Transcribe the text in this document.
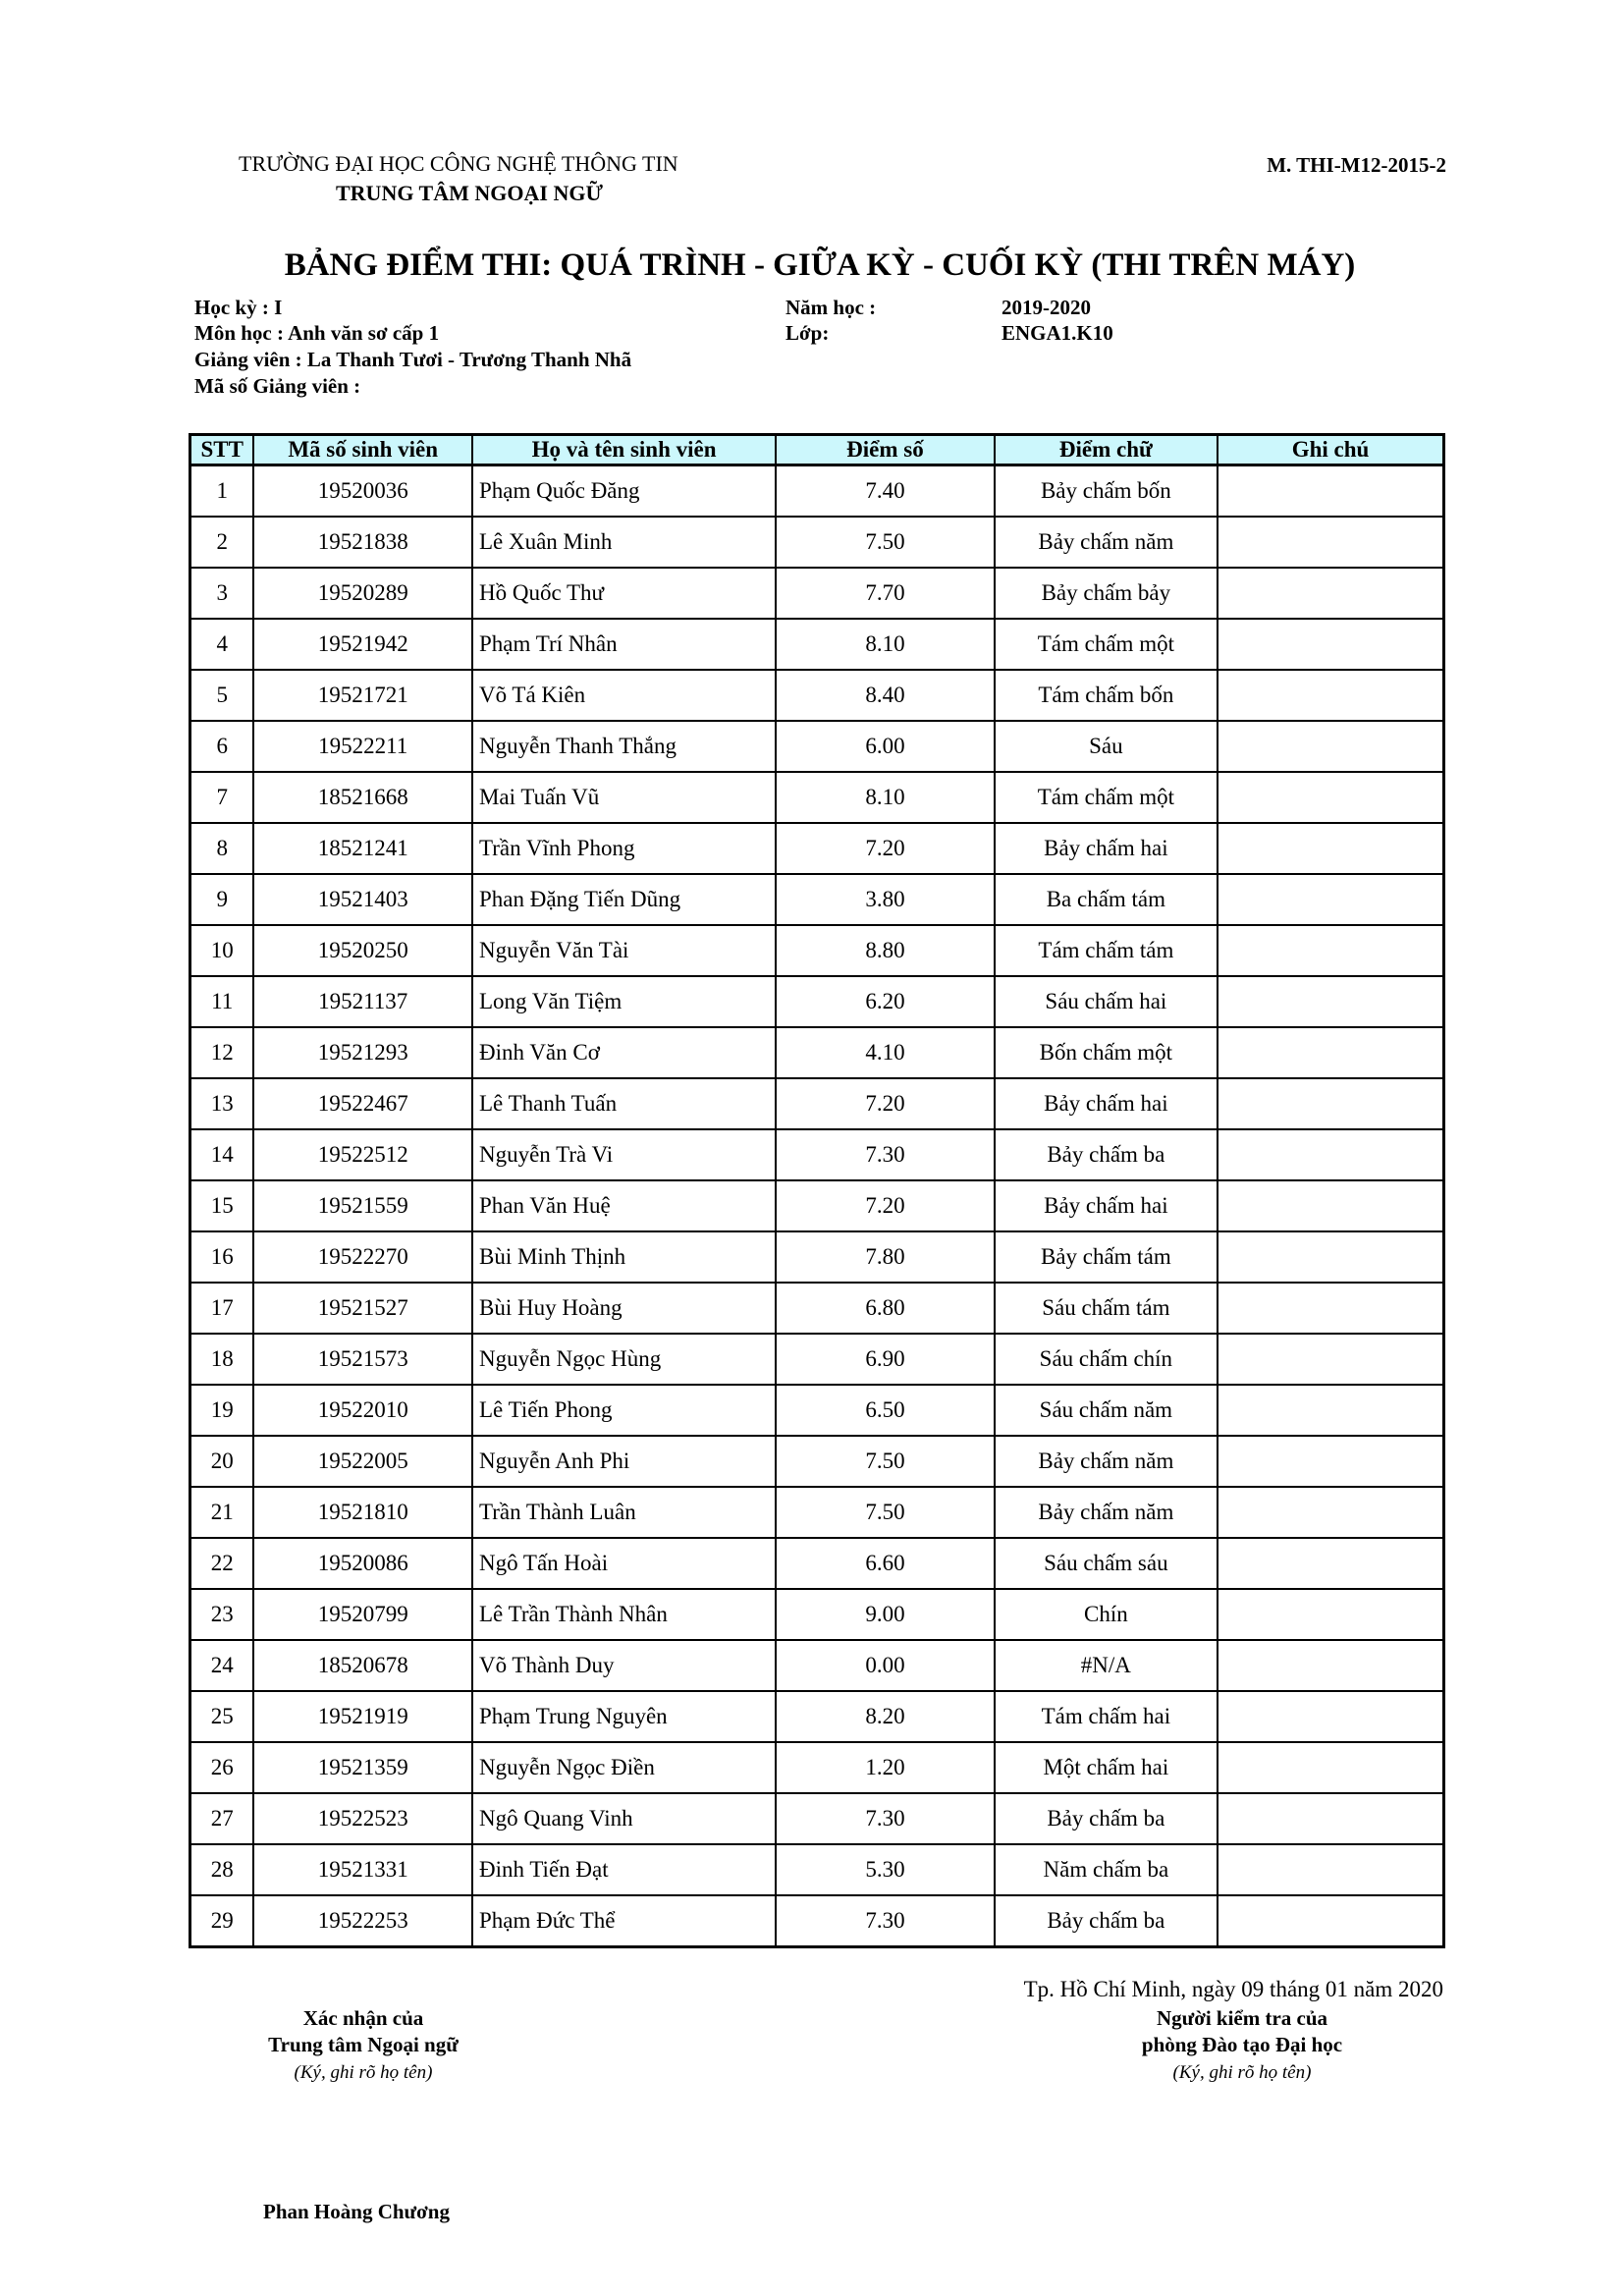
TRƯỜNG ĐẠI HỌC CÔNG NGHỆ THÔNG TIN
TRUNG TÂM NGOẠI NGỮ
M. THI-M12-2015-2
BẢNG ĐIỂM THI: QUÁ TRÌNH - GIỮA KỲ - CUỐI KỲ (THI TRÊN MÁY)
Học kỳ : I
Môn học : Anh văn sơ cấp 1
Giảng viên : La Thanh Tươi - Trương Thanh Nhã
Mã số Giảng viên :
Năm học :	2019-2020
Lớp:	ENGA1.K10
STT	Mã số sinh viên	Họ và tên sinh viên	Điểm số	Điểm chữ	Ghi chú
1	19520036	Phạm Quốc Đăng	7.40	Bảy chấm bốn	
2	19521838	Lê Xuân Minh	7.50	Bảy chấm năm	
3	19520289	Hồ Quốc Thư	7.70	Bảy chấm bảy	
4	19521942	Phạm Trí Nhân	8.10	Tám chấm một	
5	19521721	Võ Tá Kiên	8.40	Tám chấm bốn	
6	19522211	Nguyễn Thanh Thắng	6.00	Sáu	
7	18521668	Mai Tuấn Vũ	8.10	Tám chấm một	
8	18521241	Trần Vĩnh Phong	7.20	Bảy chấm hai	
9	19521403	Phan Đặng Tiến Dũng	3.80	Ba chấm tám	
10	19520250	Nguyễn Văn Tài	8.80	Tám chấm tám	
11	19521137	Long Văn Tiệm	6.20	Sáu chấm hai	
12	19521293	Đinh Văn Cơ	4.10	Bốn chấm một	
13	19522467	Lê Thanh Tuấn	7.20	Bảy chấm hai	
14	19522512	Nguyễn Trà Vi	7.30	Bảy chấm ba	
15	19521559	Phan Văn Huệ	7.20	Bảy chấm hai	
16	19522270	Bùi Minh Thịnh	7.80	Bảy chấm tám	
17	19521527	Bùi Huy Hoàng	6.80	Sáu chấm tám	
18	19521573	Nguyễn Ngọc Hùng	6.90	Sáu chấm chín	
19	19522010	Lê Tiến Phong	6.50	Sáu chấm năm	
20	19522005	Nguyễn Anh Phi	7.50	Bảy chấm năm	
21	19521810	Trần Thành Luân	7.50	Bảy chấm năm	
22	19520086	Ngô Tấn Hoài	6.60	Sáu chấm sáu	
23	19520799	Lê Trần Thành Nhân	9.00	Chín	
24	18520678	Võ Thành Duy	0.00	#N/A	
25	19521919	Phạm Trung Nguyên	8.20	Tám chấm hai	
26	19521359	Nguyễn Ngọc Điền	1.20	Một chấm hai	
27	19522523	Ngô Quang Vinh	7.30	Bảy chấm ba	
28	19521331	Đinh Tiến Đạt	5.30	Năm chấm ba	
29	19522253	Phạm Đức Thể	7.30	Bảy chấm ba	
Tp. Hồ Chí Minh, ngày 09 tháng 01 năm 2020
Xác nhận của
Trung tâm Ngoại ngữ
(Ký, ghi rõ họ tên)
Người kiểm tra của
phòng Đào tạo Đại học
(Ký, ghi rõ họ tên)
Phan Hoàng Chương
